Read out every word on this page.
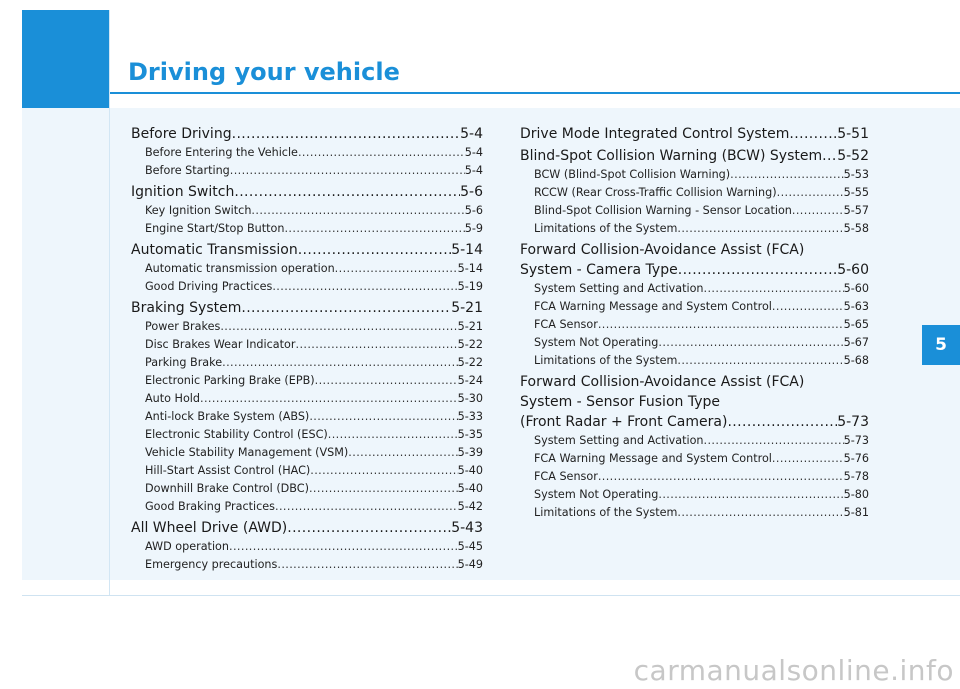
Driving your vehicle
5
Before Driving .....	5-4
Before Entering the Vehicle .....	5-4
Before Starting .....	5-4
Ignition Switch .....	5-6
Key Ignition Switch .....	5-6
Engine Start/Stop Button .....	5-9
Automatic Transmission .....	5-14
Automatic transmission operation .....	5-14
Good Driving Practices .....	5-19
Braking System .....	5-21
Power Brakes .....	5-21
Disc Brakes Wear Indicator .....	5-22
Parking Brake .....	5-22
Electronic Parking Brake (EPB) .....	5-24
Auto Hold .....	5-30
Anti-lock Brake System (ABS) .....	5-33
Electronic Stability Control (ESC) .....	5-35
Vehicle Stability Management (VSM) .....	5-39
Hill-Start Assist Control (HAC) .....	5-40
Downhill Brake Control (DBC) .....	5-40
Good Braking Practices .....	5-42
All Wheel Drive (AWD) .....	5-43
AWD operation .....	5-45
Emergency precautions .....	5-49
Drive Mode Integrated Control System .....	5-51
Blind-Spot Collision Warning (BCW) System ..... 5-52
BCW (Blind-Spot Collision Warning) .....	5-53
RCCW (Rear Cross-Traffic Collision Warning) .....	5-55
Blind-Spot Collision Warning - Sensor Location .....	5-57
Limitations of the System .....	5-58
Forward Collision-Avoidance Assist (FCA)
System - Camera Type .....	5-60
System Setting and Activation .....	5-60
FCA Warning Message and System Control .....	5-63
FCA Sensor .....	5-65
System Not Operating .....	5-67
Limitations of the System .....	5-68
Forward Collision-Avoidance Assist (FCA)
System - Sensor Fusion Type
(Front Radar + Front Camera) .....	5-73
System Setting and Activation .....	5-73
FCA Warning Message and System Control .....	5-76
FCA Sensor .....	5-78
System Not Operating .....	5-80
Limitations of the System .....	5-81
carmanualsonline.info
